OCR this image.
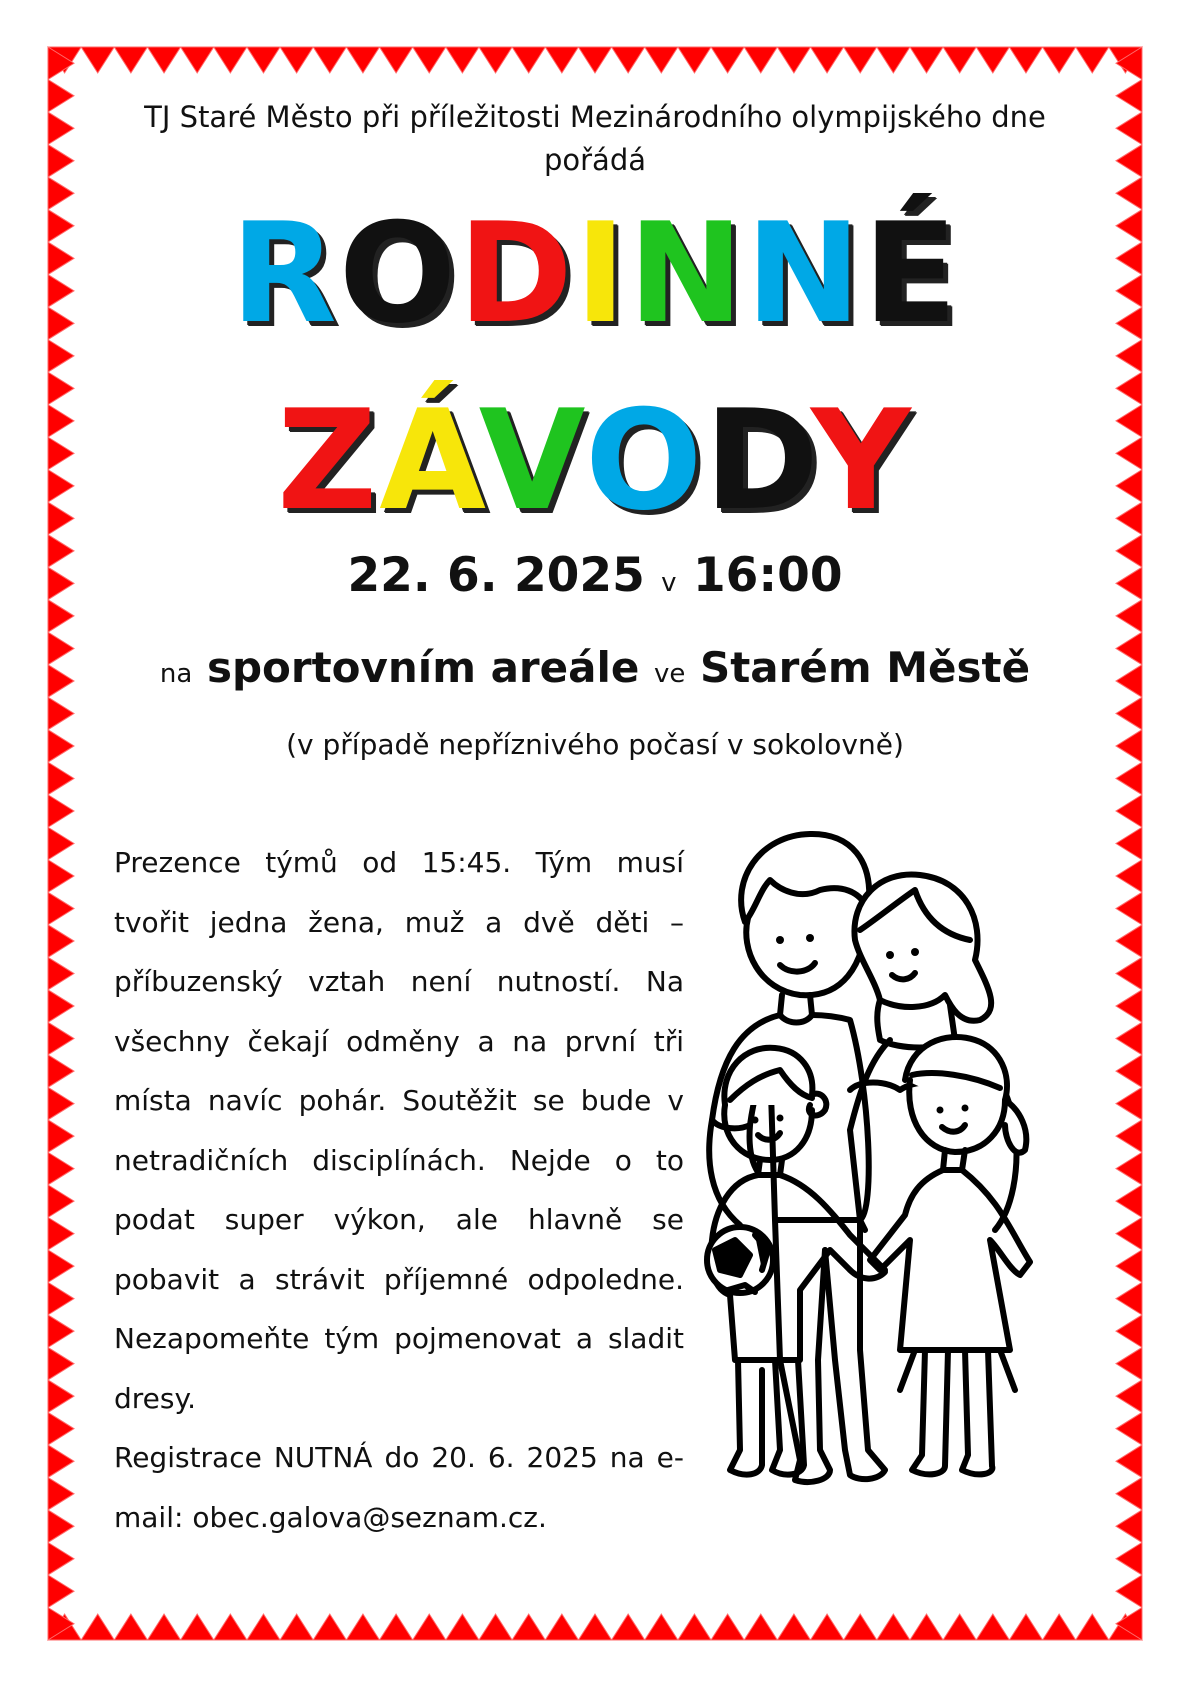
TJ Staré Město při příležitosti Mezinárodního olympijského dne
pořádá
RODINNÉ
ZÁVODY
22. 6. 2025 v 16:00
na sportovním areále ve Starém Městě
(v případě nepříznivého počasí v sokolovně)

Prezence týmů od 15:45. Tým musí tvořit jedna žena, muž a dvě děti – příbuzenský vztah není nutností. Na všechny čekají odměny a na první tři místa navíc pohár. Soutěžit se bude v netradičních disciplínách. Nejde o to podat super výkon, ale hlavně se pobavit a strávit příjemné odpoledne. Nezapomeňte tým pojmenovat a sladit dresy.

Registrace NUTNÁ do 20. 6. 2025 na e-mail: obec.galova@seznam.cz.
